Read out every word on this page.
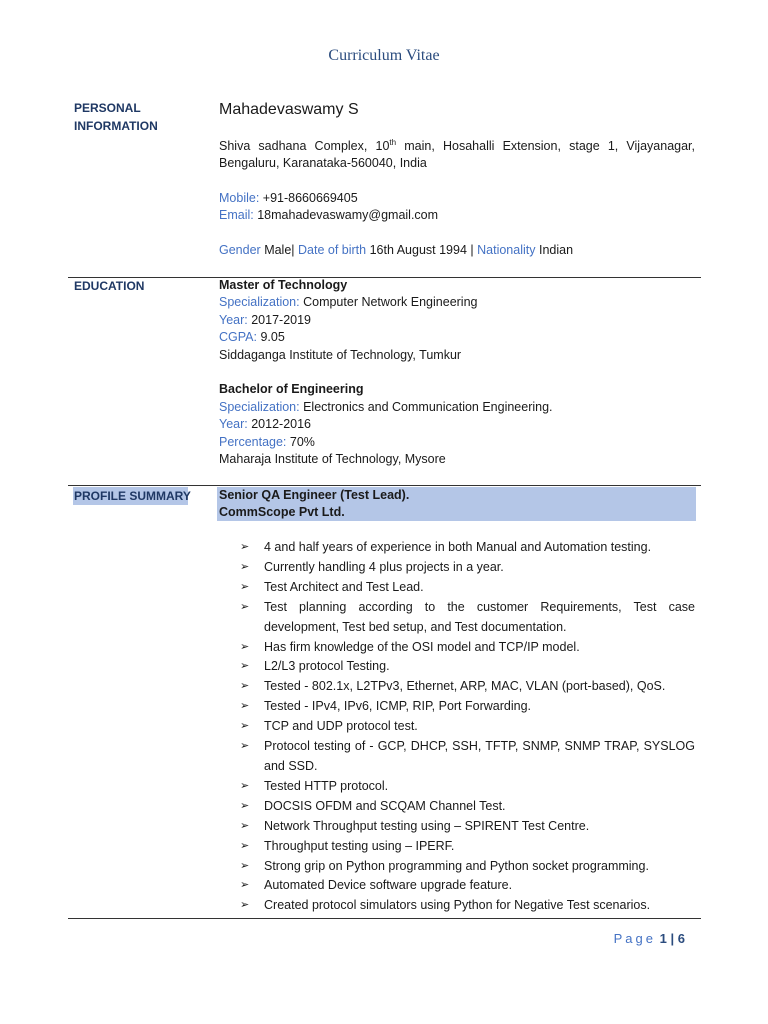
Curriculum Vitae
PERSONAL INFORMATION
Mahadevaswamy S
Shiva sadhana Complex, 10th main, Hosahalli Extension, stage 1, Vijayanagar, Bengaluru, Karanataka-560040, India
Mobile: +91-8660669405
Email: 18mahadevaswamy@gmail.com
Gender Male| Date of birth 16th August 1994 | Nationality Indian
EDUCATION	Master of Technology
Specialization: Computer Network Engineering
Year: 2017-2019
CGPA: 9.05
Siddaganga Institute of Technology, Tumkur
Bachelor of Engineering
Specialization: Electronics and Communication Engineering.
Year: 2012-2016
Percentage: 70%
Maharaja Institute of Technology, Mysore
PROFILE SUMMARY	Senior QA Engineer (Test Lead).
CommScope Pvt Ltd.
➢ 4 and half years of experience in both Manual and Automation testing.
➢ Currently handling 4 plus projects in a year.
➢ Test Architect and Test Lead.
➢ Test planning according to the customer Requirements, Test case development, Test bed setup, and Test documentation.
➢ Has firm knowledge of the OSI model and TCP/IP model.
➢ L2/L3 protocol Testing.
➢ Tested - 802.1x, L2TPv3, Ethernet, ARP, MAC, VLAN (port-based), QoS.
➢ Tested - IPv4, IPv6, ICMP, RIP, Port Forwarding.
➢ TCP and UDP protocol test.
➢ Protocol testing of - GCP, DHCP, SSH, TFTP, SNMP, SNMP TRAP, SYSLOG and SSD.
➢ Tested HTTP protocol.
➢ DOCSIS OFDM and SCQAM Channel Test.
➢ Network Throughput testing using – SPIRENT Test Centre.
➢ Throughput testing using – IPERF.
➢ Strong grip on Python programming and Python socket programming.
➢ Automated Device software upgrade feature.
➢ Created protocol simulators using Python for Negative Test scenarios.
Page 1 | 6
